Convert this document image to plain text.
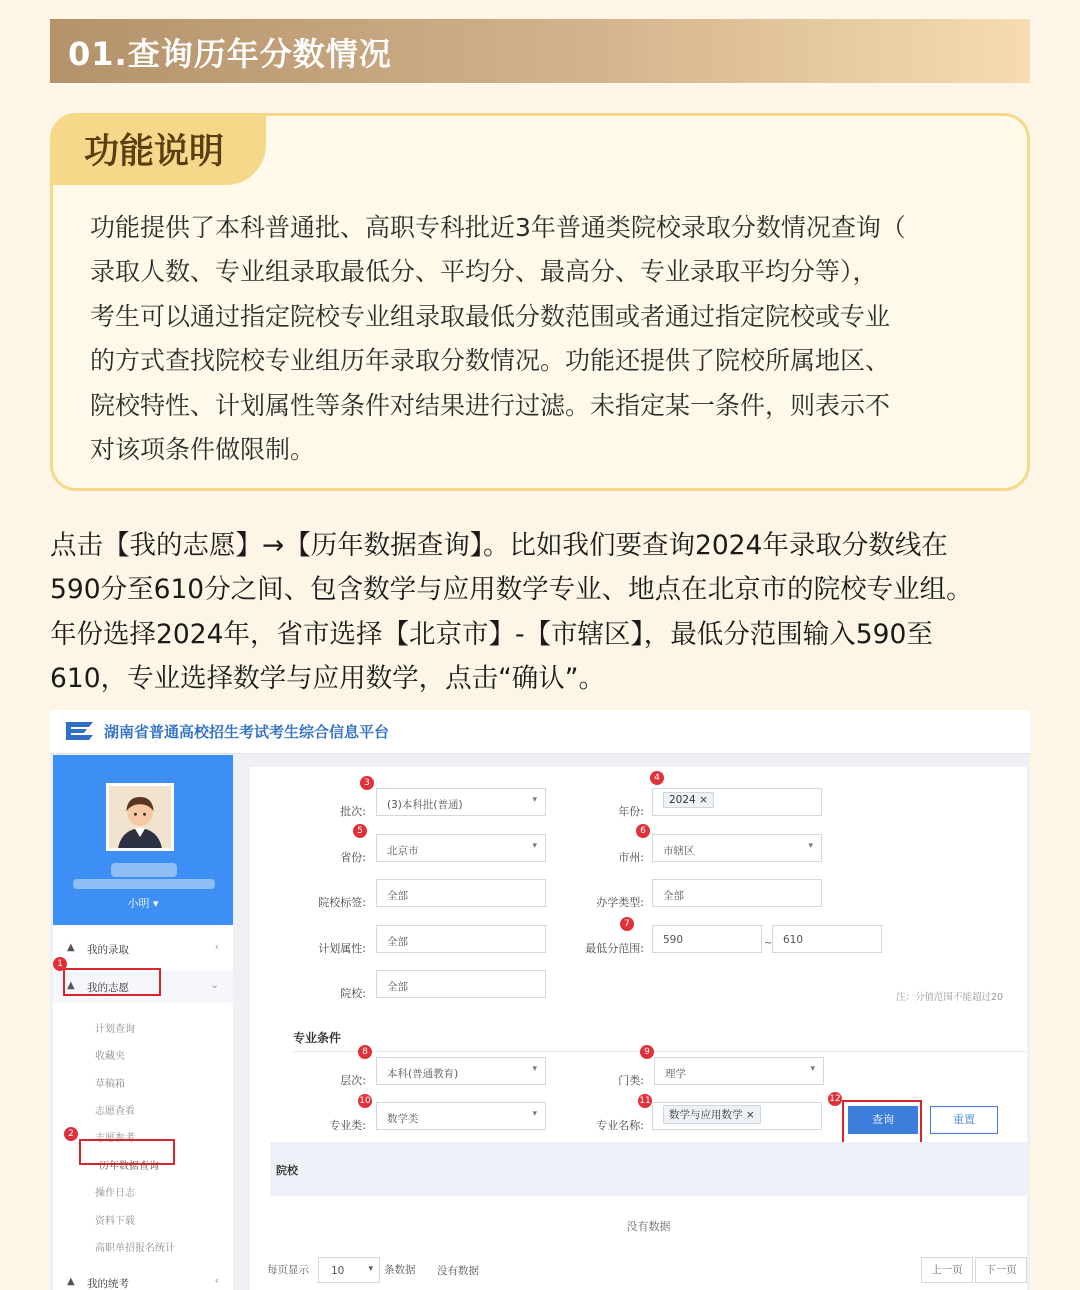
01.查询历年分数情况
功能说明
功能提供了本科普通批、高职专科批近3年普通类院校录取分数情况查询（
录取人数、专业组录取最低分、平均分、最高分、专业录取平均分等），
考生可以通过指定院校专业组录取最低分数范围或者通过指定院校或专业
的方式查找院校专业组历年录取分数情况。功能还提供了院校所属地区、
院校特性、计划属性等条件对结果进行过滤。未指定某一条件，则表示不
对该项条件做限制。
点击【我的志愿】→【历年数据查询】。比如我们要查询2024年录取分数线在
590分至610分之间、包含数学与应用数学专业、地点在北京市的院校专业组。
年份选择2024年，省市选择【北京市】-【市辖区】，最低分范围输入590至
610，专业选择数学与应用数学，点击“确认”。
湖南省普通高校招生考试考生综合信息平台
小明 ▾
▲ 我的录取	‹
▲ 我的志愿	⌄
计划查询
收藏夹
草稿箱
志愿查看
志愿参考
历年数据查询
操作日志
资料下载
高职单招报名统计
▲ 我的统考	‹
1
2
批次:	(3)本科批(普通)	▾
3
年份:
2024 ×
4
省份:	北京市	▾
5
市州:	市辖区	▾
6
院校标签:	全部	办学类型:	全部
计划属性:	全部	最低分范围:
7
590	~	610
注：分值范围不能超过20
院校:	全部
专业条件
层次:	本科(普通教育)	▾
8
门类:	理学	▾
9
专业类:	数学类	▾
10
专业名称:
数学与应用数学 ×
11
查询
12
重置
院校
没有数据
每页显示	10	▾ 条数据 没有数据	上一页	下一页
